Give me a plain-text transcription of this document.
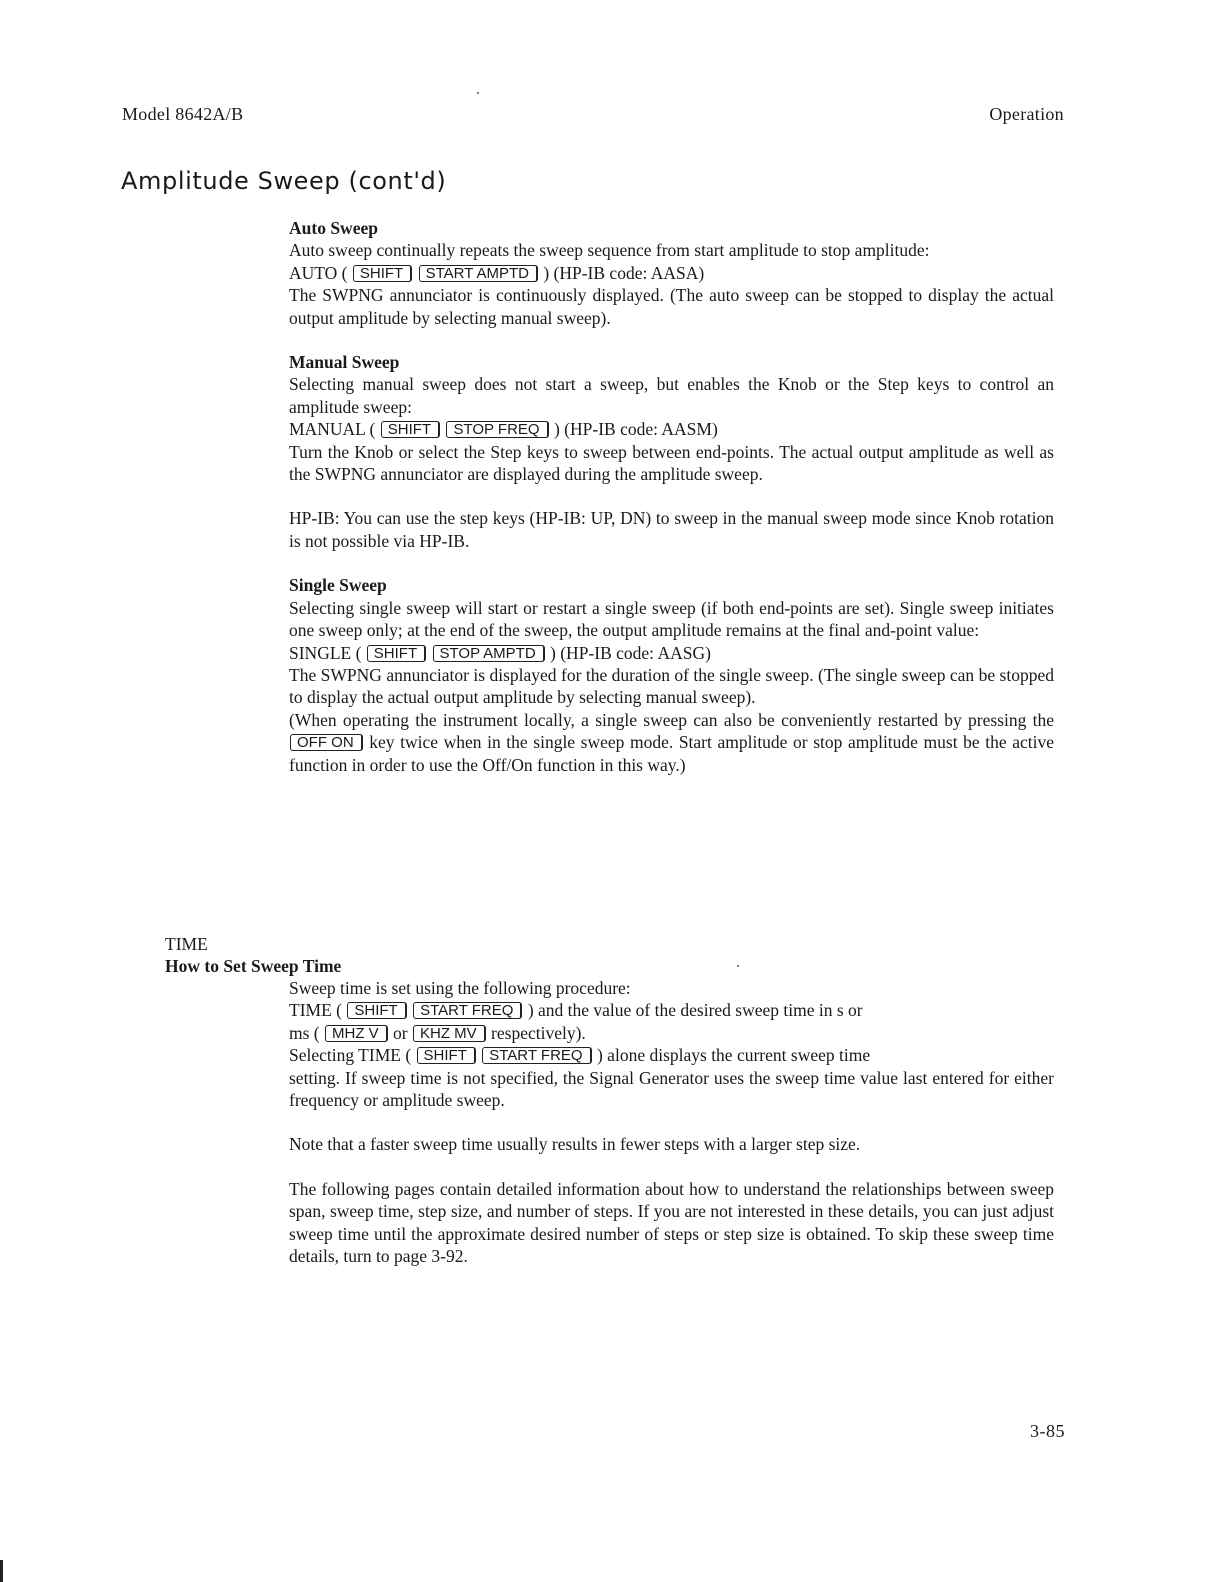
Model 8642A/B	Operation
Amplitude Sweep (cont'd)

Auto Sweep

Auto sweep continually repeats the sweep sequence from start amplitude to stop amplitude:

AUTO ( SHIFT START AMPTD ) (HP-IB code: AASA)

The SWPNG annunciator is continuously displayed. (The auto sweep can be stopped to display the actual output amplitude by selecting manual sweep).

Manual Sweep

Selecting manual sweep does not start a sweep, but enables the Knob or the Step keys to control an amplitude sweep:

MANUAL ( SHIFT STOP FREQ ) (HP-IB code: AASM)

Turn the Knob or select the Step keys to sweep between end-points. The actual output amplitude as well as the SWPNG annunciator are displayed during the amplitude sweep.

HP-IB: You can use the step keys (HP-IB: UP, DN) to sweep in the manual sweep mode since Knob rotation is not possible via HP-IB.

Single Sweep

Selecting single sweep will start or restart a single sweep (if both end-points are set). Single sweep initiates one sweep only; at the end of the sweep, the output amplitude remains at the final and-point value:

SINGLE ( SHIFT STOP AMPTD ) (HP-IB code: AASG)

The SWPNG annunciator is displayed for the duration of the single sweep. (The single sweep can be stopped to display the actual output amplitude by selecting manual sweep).

(When operating the instrument locally, a single sweep can also be conveniently restarted by pressing the OFF ON key twice when in the single sweep mode. Start amplitude or stop amplitude must be the active function in order to use the Off/On function in this way.)

TIME
How to Set Sweep Time

Sweep time is set using the following procedure:

TIME ( SHIFT START FREQ ) and the value of the desired sweep time in s or
ms ( MHZ V or KHZ MV respectively).
Selecting TIME ( SHIFT START FREQ ) alone displays the current sweep time

setting. If sweep time is not specified, the Signal Generator uses the sweep time value last entered for either frequency or amplitude sweep.

Note that a faster sweep time usually results in fewer steps with a larger step size.

The following pages contain detailed information about how to understand the relationships between sweep span, sweep time, step size, and number of steps. If you are not interested in these details, you can just adjust sweep time until the approximate desired number of steps or step size is obtained. To skip these sweep time details, turn to page 3-92.

3-85
